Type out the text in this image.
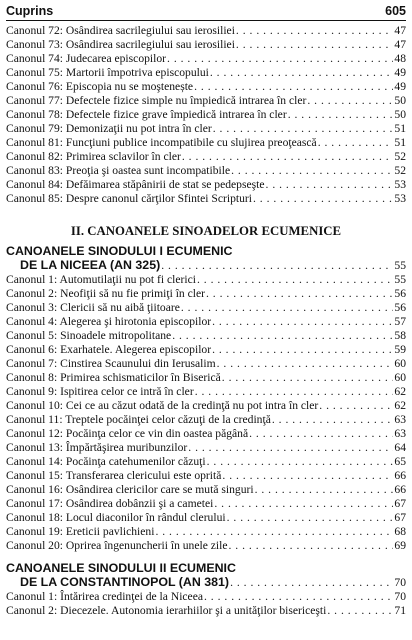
Cuprins	605
Canonul 72: Osândirea sacrilegiului sau ierosiliei . . .	47
Canonul 73: Osândirea sacrilegiului sau ierosiliei . . .	47
Canonul 74: Judecarea episcopilor . . .	48
Canonul 75: Martorii împotriva episcopului . . .	49
Canonul 76: Episcopia nu se moştenește . . .	49
Canonul 77: Defectele fizice simple nu împiedică intrarea în cler . . .	50
Canonul 78: Defectele fizice grave împiedică intrarea în cler . . .	50
Canonul 79: Demonizaţii nu pot intra în cler . . .	51
Canonul 81: Funcţiuni publice incompatibile cu slujirea preoţească . . .	51
Canonul 82: Primirea sclavilor în cler . . .	52
Canonul 83: Preoţia şi oastea sunt incompatibile . . .	52
Canonul 84: Defăimarea stăpânirii de stat se pedepseşte . . .	53
Canonul 85: Despre canonul cărţilor Sfintei Scripturi . . .	53
II. CANOANELE SINOADELOR ECUMENICE
CANOANELE SINODULUI I ECUMENIC
DE LA NICEEA (AN 325) . . .	55
Canonul 1: Automutilaţii nu pot fi clerici . . .	55
Canonul 2: Neofiţii să nu fie primiţi în cler . . .	56
Canonul 3: Clericii să nu aibă ţiitoare . . .	56
Canonul 4: Alegerea şi hirotonia episcopilor . . .	57
Canonul 5: Sinoadele mitropolitane . . .	58
Canonul 6: Exarhatele. Alegerea episcopilor . . .	59
Canonul 7: Cinstirea Scaunului din Ierusalim . . .	60
Canonul 8: Primirea schismaticilor în Biserică . . .	60
Canonul 9: Ispitirea celor ce intră în cler . . .	62
Canonul 10: Cei ce au căzut odată de la credinţă nu pot intra în cler . . .	62
Canonul 11: Treptele pocăinţei celor căzuţi de la credinţă . . .	63
Canonul 12: Pocăinţa celor ce vin din oastea păgână . . .	63
Canonul 13: Împărtăşirea muribunzilor . . .	64
Canonul 14: Pocăinţa catehumenilor căzuţi . . .	65
Canonul 15: Transferarea clericului este oprită . . .	66
Canonul 16: Osândirea clericilor care se mută singuri . . .	66
Canonul 17: Osândirea dobânzii şi a cametei . . .	67
Canonul 18: Locul diaconilor în rândul clerului . . .	67
Canonul 19: Ereticii pavlichieni . . .	68
Canonul 20: Oprirea îngenuncherii în unele zile . . .	69
CANOANELE SINODULUI II ECUMENIC
DE LA CONSTANTINOPOL (AN 381) . . .	70
Canonul 1: Întărirea credinţei de la Niceea . . .	70
Canonul 2: Diecezele. Autonomia ierarhiilor şi a unităţilor bisericeşti . . .	71
